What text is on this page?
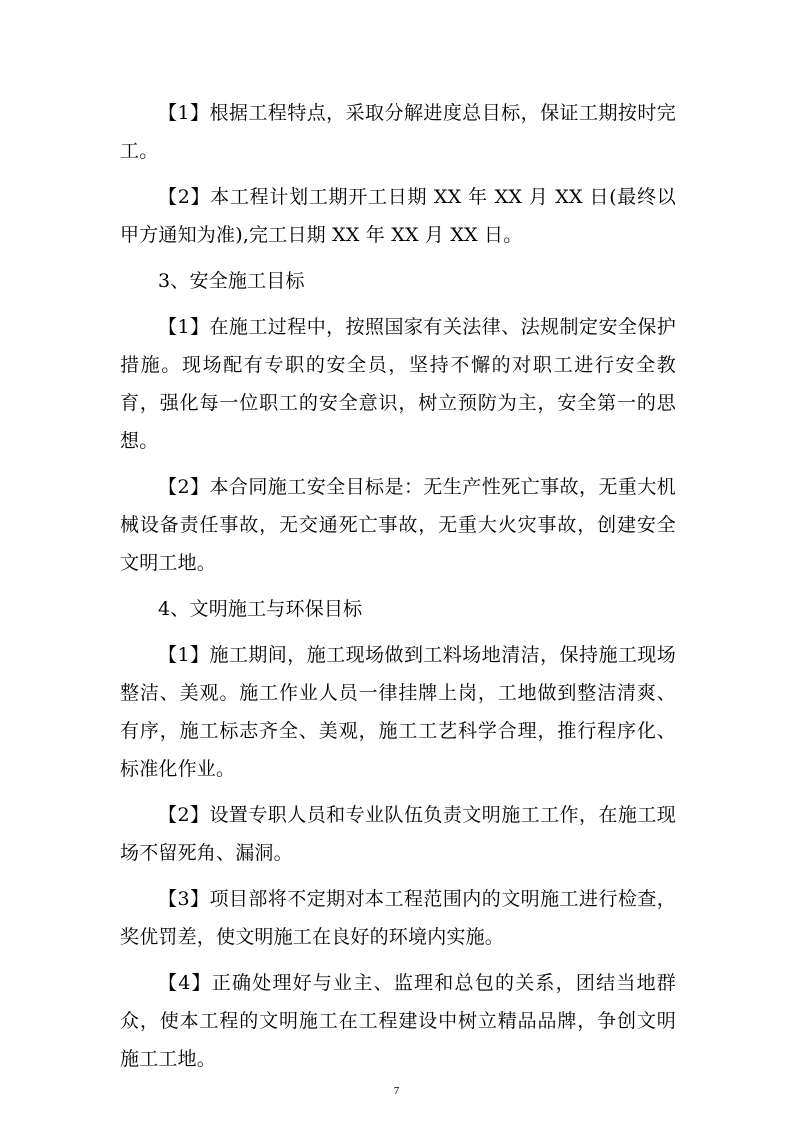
【1】根据工程特点，采取分解进度总目标，保证工期按时完工。

【2】本工程计划工期开工日期 XX 年 XX 月 XX 日(最终以甲方通知为准),完工日期 XX 年 XX 月 XX 日。

3、安全施工目标

【1】在施工过程中，按照国家有关法律、法规制定安全保护措施。现场配有专职的安全员，坚持不懈的对职工进行安全教育，强化每一位职工的安全意识，树立预防为主，安全第一的思想。

【2】本合同施工安全目标是：无生产性死亡事故，无重大机械设备责任事故，无交通死亡事故，无重大火灾事故，创建安全文明工地。

4、文明施工与环保目标

【1】施工期间，施工现场做到工料场地清洁，保持施工现场整洁、美观。施工作业人员一律挂牌上岗，工地做到整洁清爽、有序，施工标志齐全、美观，施工工艺科学合理，推行程序化、标准化作业。

【2】设置专职人员和专业队伍负责文明施工工作，在施工现场不留死角、漏洞。

【3】项目部将不定期对本工程范围内的文明施工进行检查，奖优罚差，使文明施工在良好的环境内实施。

【4】正确处理好与业主、监理和总包的关系，团结当地群众，使本工程的文明施工在工程建设中树立精品品牌，争创文明施工工地。

7
